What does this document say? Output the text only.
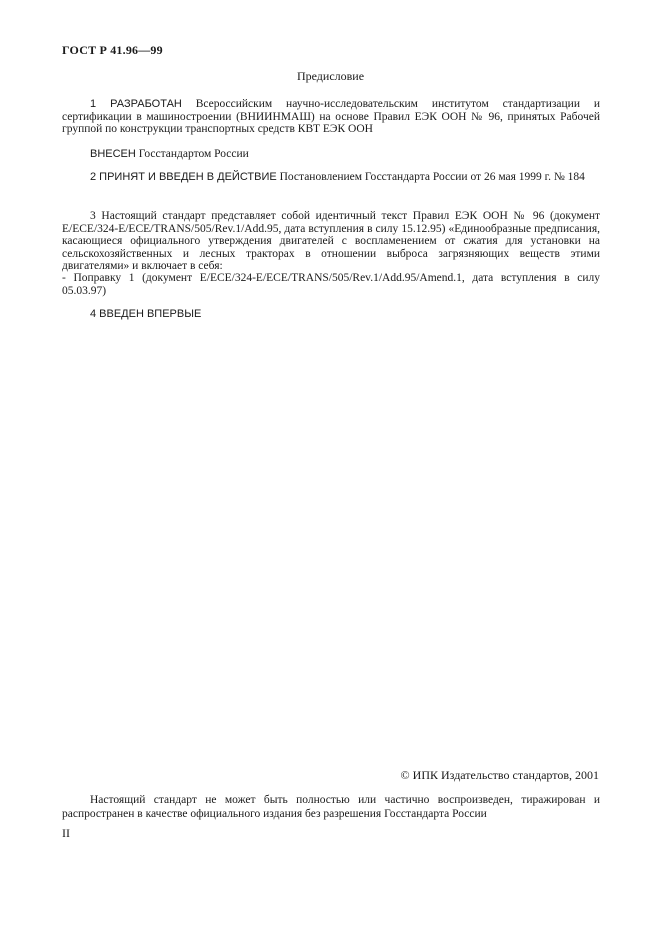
ГОСТ Р 41.96—99
Предисловие
1 РАЗРАБОТАН Всероссийским научно-исследовательским институтом стандартизации и сертификации в машиностроении (ВНИИНМАШ) на основе Правил ЕЭК ООН № 96, принятых Рабочей группой по конструкции транспортных средств КВТ ЕЭК ООН
ВНЕСЕН Госстандартом России
2 ПРИНЯТ И ВВЕДЕН В ДЕЙСТВИЕ Постановлением Госстандарта России от 26 мая 1999 г. № 184
3 Настоящий стандарт представляет собой идентичный текст Правил ЕЭК ООН № 96 (документ E/ECE/324-E/ECE/TRANS/505/Rev.1/Add.95, дата вступления в силу 15.12.95) «Единообразные предписания, касающиеся официального утверждения двигателей с воспламенением от сжатия для установки на сельскохозяйственных и лесных тракторах в отношении выброса загрязняющих веществ этими двигателями» и включает в себя:
- Поправку 1 (документ E/ECE/324-E/ECE/TRANS/505/Rev.1/Add.95/Amend.1, дата вступления в силу 05.03.97)
4 ВВЕДЕН ВПЕРВЫЕ
© ИПК Издательство стандартов, 2001
Настоящий стандарт не может быть полностью или частично воспроизведен, тиражирован и распространен в качестве официального издания без разрешения Госстандарта России
II
